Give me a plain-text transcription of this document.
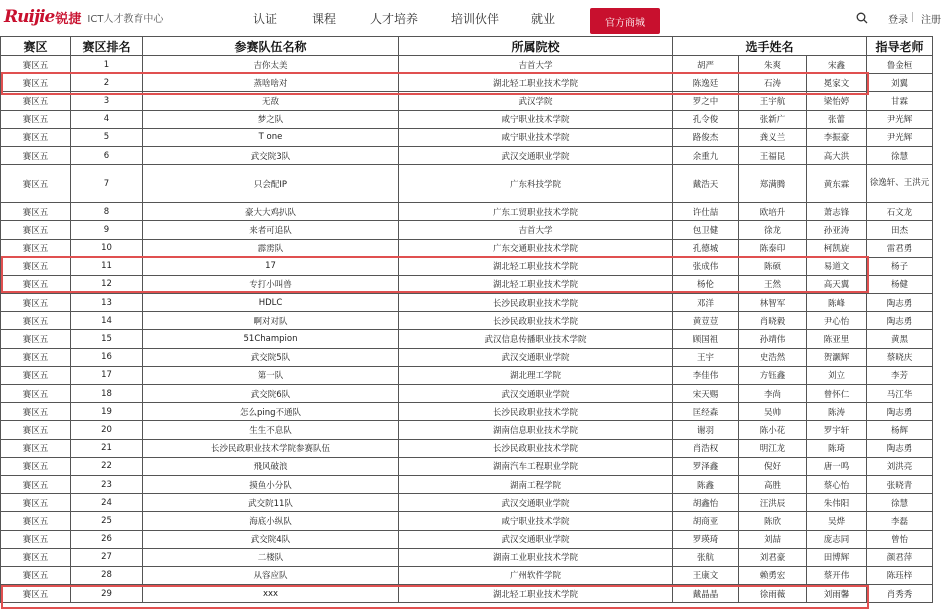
Ruijie 锐捷 ICT人才教育中心	认证	课程	人才培养	培训伙伴	就业	官方商城	登录 注册
赛区	赛区排名	参赛队伍名称	所属院校	选手姓名			指导老师
赛区五	1	吉你太美	吉首大学	胡严	朱爽	宋鑫	鲁金桓
赛区五	2	蒸啥啥对	湖北轻工职业技术学院	陈逸廷	石涛	冕家文	刘翼
赛区五	3	无敌	武汉学院	罗之中	王宇航	梁怡婷	甘霖
赛区五	4	梦之队	咸宁职业技术学院	孔令俊	张新广	张蕾	尹光辉
赛区五	5	T one	咸宁职业技术学院	路俊杰	龚义兰	李振豪	尹光辉
赛区五	6	武交院3队	武汉交通职业学院	余重九	王福昆	高大洪	徐慧
赛区五	7	只会配IP	广东科技学院	戴浩天	郑满腾	黄东霖	徐逸轩、王洪元
赛区五	8	豪大大鸡扒队	广东工贸职业技术学院	许仕喆	欧培升	萧志锋	石文龙
赛区五	9	来者可追队	吉首大学	包卫健	徐龙	孙亚涛	田杰
赛区五	10	霹雳队	广东交通职业技术学院	孔德城	陈泰印	柯凯旋	雷君勇
赛区五	11	17	湖北轻工职业技术学院	张成伟	陈硕	易道文	杨子
赛区五	12	专打小叫兽	湖北轻工职业技术学院	杨伦	王然	高天翼	杨健
赛区五	13	HDLC	长沙民政职业技术学院	邓洋	林智军	陈峰	陶志勇
赛区五	14	啊对对队	长沙民政职业技术学院	黄荳荳	肖晓毅	尹心怡	陶志勇
赛区五	15	51Champion	武汉信息传播职业技术学院	顾国祖	孙靖伟	陈亚里	黄黑
赛区五	16	武交院5队	武汉交通职业学院	王宇	史浩然	贺灏辉	蔡晓庆
赛区五	17	第一队	湖北理工学院	李佳伟	方钰鑫	刘立	李芳
赛区五	18	武交院6队	武汉交通职业学院	宋天赐	李尚	曾怀仁	马江华
赛区五	19	怎么ping不通队	长沙民政职业技术学院	匡经森	吴帅	陈涛	陶志勇
赛区五	20	生生不息队	湖南信息职业技术学院	谢羽	陈小花	罗宇轩	杨辉
赛区五	21	长沙民政职业技术学院参赛队伍	长沙民政职业技术学院	肖浩权	明江龙	陈琦	陶志勇
赛区五	22	飛风破浪	湖南汽车工程职业学院	罗泽鑫	倪好	唐一鸣	刘洪亮
赛区五	23	摸鱼小分队	湖南工程学院	陈鑫	高胜	蔡心怡	张晓青
赛区五	24	武交院11队	武汉交通职业学院	胡鑫怡	汪洪辰	朱伟阳	徐慧
赛区五	25	海底小纵队	咸宁职业技术学院	胡商亚	陈欣	吴烨	李磊
赛区五	26	武交院4队	武汉交通职业学院	罗瑛琦	刘喆	庞志同	曾怡
赛区五	27	二楼队	湖南工业职业技术学院	张航	刘君豪	田博辉	颜君萍
赛区五	28	从容应队	广州软件学院	王康文	赖勇宏	蔡开伟	陈珏梓
赛区五	29	xxx	湖北轻工职业技术学院	戴晶晶	徐雨薇	刘雨馨	肖秀秀
